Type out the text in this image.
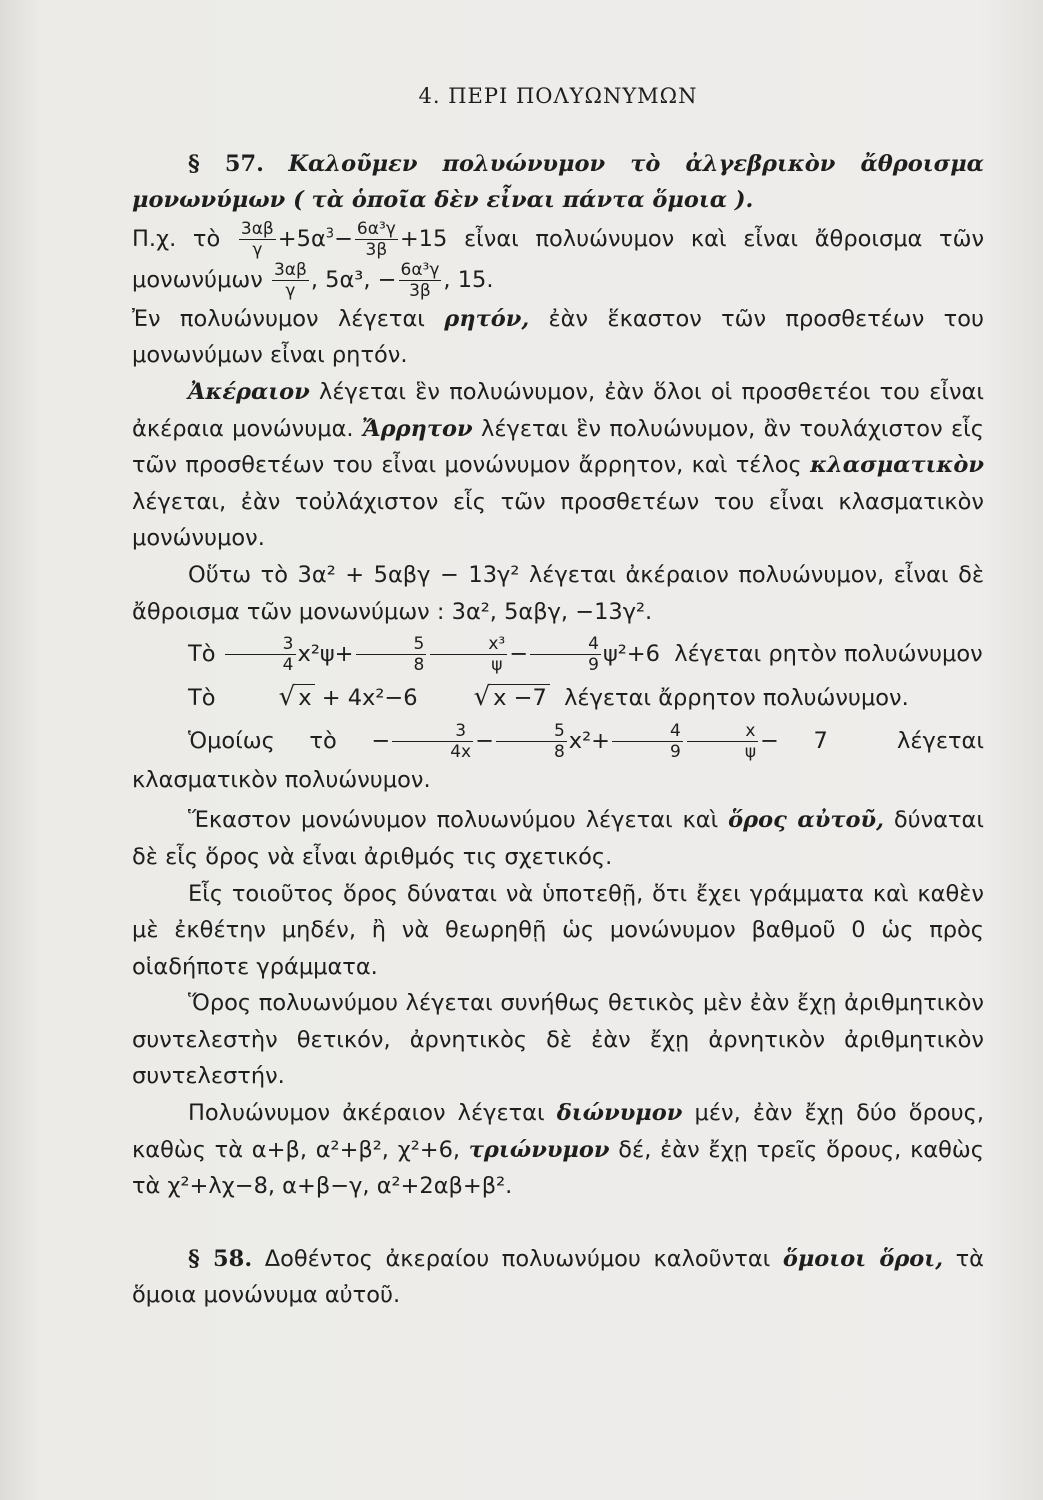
4. ΠΕΡΙ ΠΟΛΥΩΝΥΜΩΝ

§ 57. Καλοῦμεν πολυώνυμον τὸ ἀλγεβρικὸν ἄθροισμα μονωνύμων ( τὰ ὁποῖα δὲν εἶναι πάντα ὅμοια ).

Π.χ. τὸ $\frac{3\alpha\beta}{\gamma} +5\alpha^3- \frac{\text{6α³γ}}{3\beta} +15$ εἶναι πολυώνυμον καὶ εἶναι ἄθροισμα τῶν μονωνύμων $\frac{3\alpha\beta}{\gamma}$ , 5α³, − $\frac{\text{6α³γ}}{3\beta}$ , 15.

Ἐν πολυώνυμον λέγεται ρητόν, ἐὰν ἕκαστον τῶν προσθετέων του μονωνύμων εἶναι ρητόν.

Ἀκέραιον λέγεται ἓν πολυώνυμον, ἐὰν ὅλοι οἱ προσθετέοι του εἶναι ἀκέραια μονώνυμα. Ἄρρητον λέγεται ἓν πολυώνυμον, ἂν τουλάχιστον εἷς τῶν προσθετέων του εἶναι μονώνυμον ἄρρητον, καὶ τέλος κλασματικὸν λέγεται, ἐὰν τοὐλάχιστον εἷς τῶν προσθετέων του εἶναι κλασματικὸν μονώνυμον.

Οὕτω τὸ 3α² + 5αβγ − 13γ² λέγεται ἀκέραιον πολυώνυμον, εἶναι δὲ ἄθροισμα τῶν μονωνύμων : 3α², 5αβγ, −13γ².

Τὸ $\frac{3}{4} x^2\psi+ \frac{5}{8} \frac{\text{x³}}{\psi} - \frac{4}{9} \psi^2+6$ λέγεται ρητὸν πολυώνυμον

Τὸ √ x + 4x²−6 √ x −7 λέγεται ἄρρητον πολυώνυμον.

Ὁμοίως τὸ − $\frac{3}{4x} - \frac{5}{8} x^2+ \frac{4}{9} \frac{x}{\psi} - 7$	λέγεται κλασματικὸν πολυώνυμον.

Ἕκαστον μονώνυμον πολυωνύμου λέγεται καὶ ὅρος αὐτοῦ, δύναται δὲ εἷς ὅρος νὰ εἶναι ἀριθμός τις σχετικός.

Εἷς τοιοῦτος ὅρος δύναται νὰ ὑποτεθῇ, ὅτι ἔχει γράμματα καὶ καθὲν μὲ ἐκθέτην μηδέν, ἢ νὰ θεωρηθῇ ὡς μονώνυμον βαθμοῦ 0 ὡς πρὸς οἱαδήποτε γράμματα.

Ὅρος πολυωνύμου λέγεται συνήθως θετικὸς μὲν ἐὰν ἔχῃ ἀριθμητικὸν συντελεστὴν θετικόν, ἀρνητικὸς δὲ ἐὰν ἔχῃ ἀρνητικὸν ἀριθμητικὸν συντελεστήν.

Πολυώνυμον ἀκέραιον λέγεται διώνυμον μέν, ἐὰν ἔχῃ δύο ὅρους, καθὼς τὰ α+β, α²+β², χ²+6, τριώνυμον δέ, ἐὰν ἔχῃ τρεῖς ὅρους, καθὼς τὰ χ²+λχ−8, α+β−γ, α²+2αβ+β².

§ 58. Δοθέντος ἀκεραίου πολυωνύμου καλοῦνται ὅμοιοι ὅροι, τὰ ὅμοια μονώνυμα αὐτοῦ.
